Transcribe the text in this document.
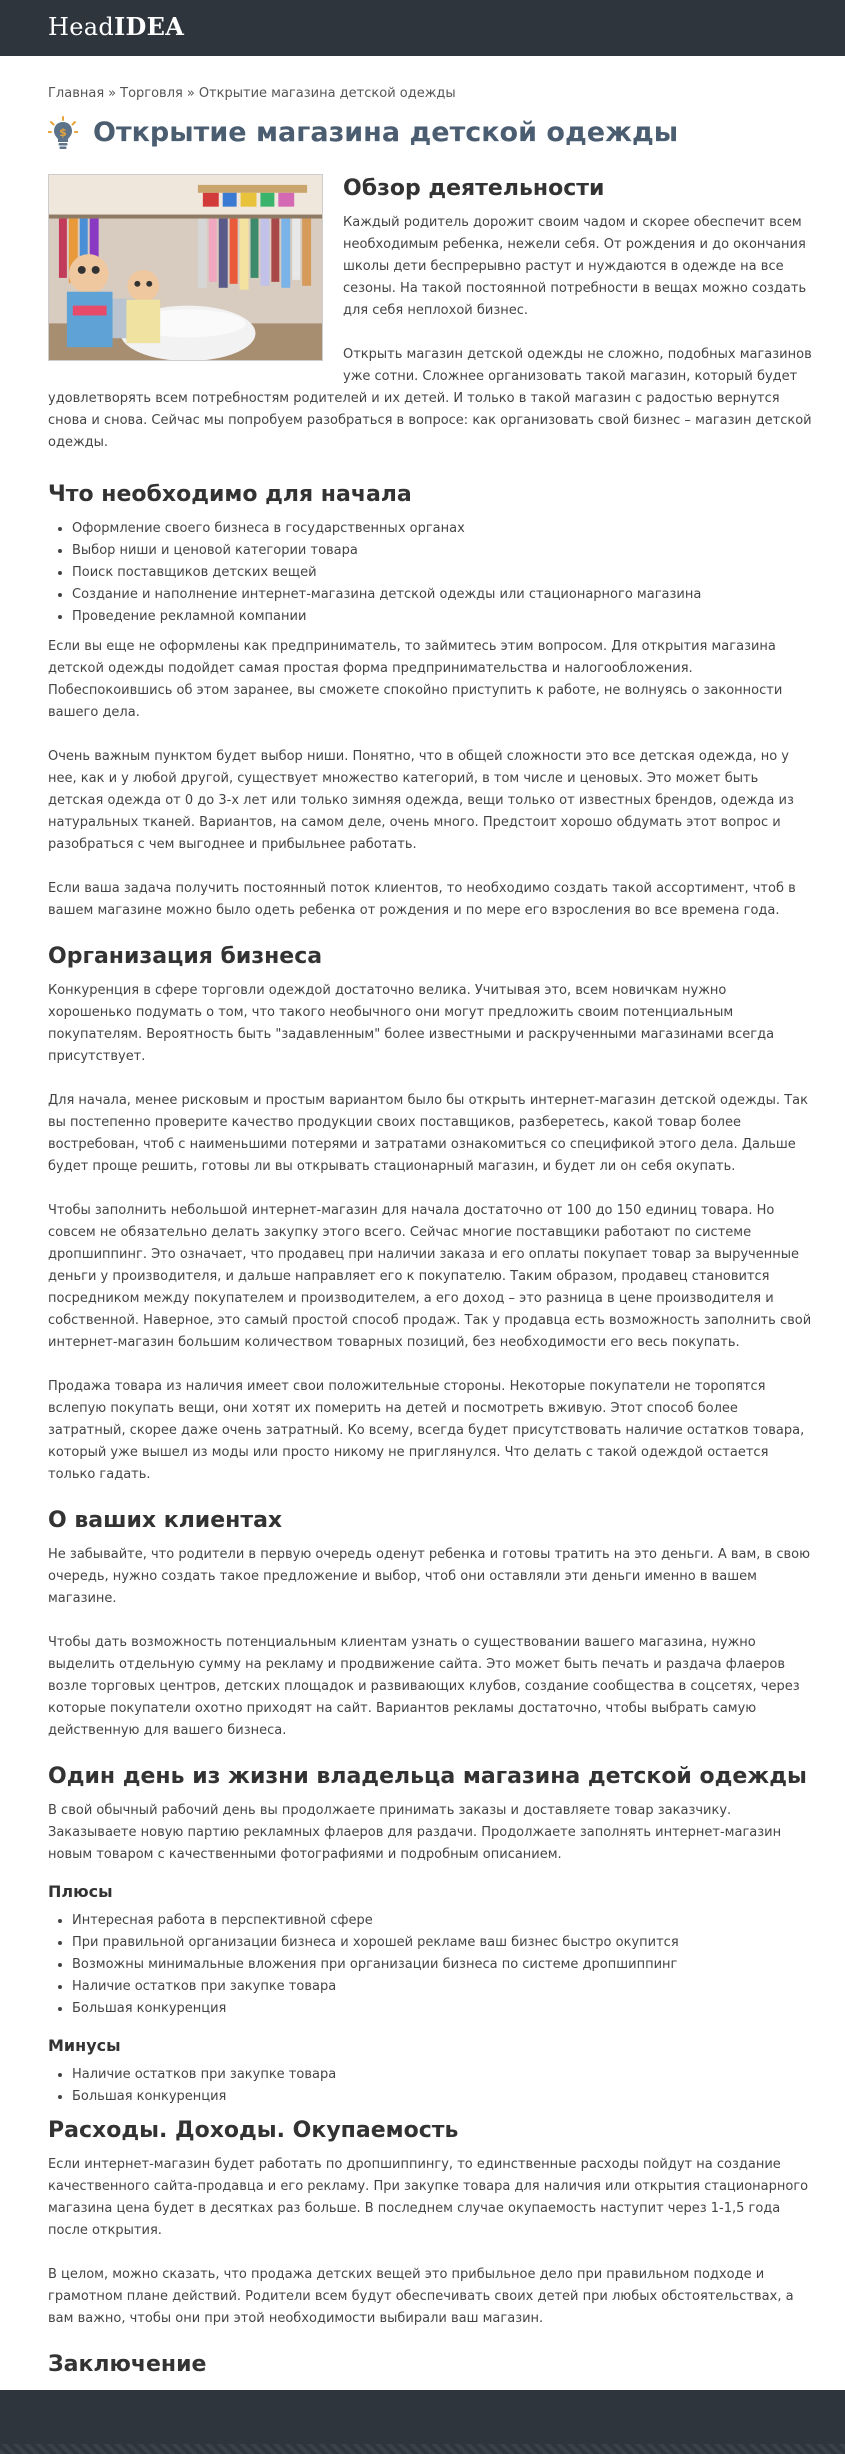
HeadIDEA
Главная » Торговля » Открытие магазина детской одежды
$ Открытие магазина детской одежды
Обзор деятельности

Каждый родитель дорожит своим чадом и скорее обеспечит всем необходимым ребенка, нежели себя. От рождения и до окончания школы дети беспрерывно растут и нуждаются в одежде на все сезоны. На такой постоянной потребности в вещах можно создать для себя неплохой бизнес.

Открыть магазин детской одежды не сложно, подобных магазинов уже сотни. Сложнее организовать такой магазин, который будет удовлетворять всем потребностям родителей и их детей. И только в такой магазин с радостью вернутся снова и снова. Сейчас мы попробуем разобраться в вопросе: как организовать свой бизнес – магазин детской одежды.

Что необходимо для начала
• Оформление своего бизнеса в государственных органах
• Выбор ниши и ценовой категории товара
• Поиск поставщиков детских вещей
• Создание и наполнение интернет-магазина детской одежды или стационарного магазина
• Проведение рекламной компании

Если вы еще не оформлены как предприниматель, то займитесь этим вопросом. Для открытия магазина детской одежды подойдет самая простая форма предпринимательства и налогообложения. Побеспокоившись об этом заранее, вы сможете спокойно приступить к работе, не волнуясь о законности вашего дела.

Очень важным пунктом будет выбор ниши. Понятно, что в общей сложности это все детская одежда, но у нее, как и у любой другой, существует множество категорий, в том числе и ценовых. Это может быть детская одежда от 0 до 3-х лет или только зимняя одежда, вещи только от известных брендов, одежда из натуральных тканей. Вариантов, на самом деле, очень много. Предстоит хорошо обдумать этот вопрос и разобраться с чем выгоднее и прибыльнее работать.

Если ваша задача получить постоянный поток клиентов, то необходимо создать такой ассортимент, чтоб в вашем магазине можно было одеть ребенка от рождения и по мере его взросления во все времена года.

Организация бизнеса

Конкуренция в сфере торговли одеждой достаточно велика. Учитывая это, всем новичкам нужно хорошенько подумать о том, что такого необычного они могут предложить своим потенциальным покупателям. Вероятность быть "задавленным" более известными и раскрученными магазинами всегда присутствует.

Для начала, менее рисковым и простым вариантом было бы открыть интернет-магазин детской одежды. Так вы постепенно проверите качество продукции своих поставщиков, разберетесь, какой товар более востребован, чтоб с наименьшими потерями и затратами ознакомиться со спецификой этого дела. Дальше будет проще решить, готовы ли вы открывать стационарный магазин, и будет ли он себя окупать.

Чтобы заполнить небольшой интернет-магазин для начала достаточно от 100 до 150 единиц товара. Но совсем не обязательно делать закупку этого всего. Сейчас многие поставщики работают по системе дропшиппинг. Это означает, что продавец при наличии заказа и его оплаты покупает товар за вырученные деньги у производителя, и дальше направляет его к покупателю. Таким образом, продавец становится посредником между покупателем и производителем, а его доход – это разница в цене производителя и собственной. Наверное, это самый простой способ продаж. Так у продавца есть возможность заполнить свой интернет-магазин большим количеством товарных позиций, без необходимости его весь покупать.

Продажа товара из наличия имеет свои положительные стороны. Некоторые покупатели не торопятся вслепую покупать вещи, они хотят их померить на детей и посмотреть вживую. Этот способ более затратный, скорее даже очень затратный. Ко всему, всегда будет присутствовать наличие остатков товара, который уже вышел из моды или просто никому не приглянулся. Что делать с такой одеждой остается только гадать.

О ваших клиентах

Не забывайте, что родители в первую очередь оденут ребенка и готовы тратить на это деньги. А вам, в свою очередь, нужно создать такое предложение и выбор, чтоб они оставляли эти деньги именно в вашем магазине.

Чтобы дать возможность потенциальным клиентам узнать о существовании вашего магазина, нужно выделить отдельную сумму на рекламу и продвижение сайта. Это может быть печать и раздача флаеров возле торговых центров, детских площадок и развивающих клубов, создание сообщества в соцсетях, через которые покупатели охотно приходят на сайт. Вариантов рекламы достаточно, чтобы выбрать самую действенную для вашего бизнеса.

Один день из жизни владельца магазина детской одежды

В свой обычный рабочий день вы продолжаете принимать заказы и доставляете товар заказчику. Заказываете новую партию рекламных флаеров для раздачи. Продолжаете заполнять интернет-магазин новым товаром с качественными фотографиями и подробным описанием.

Плюсы
• Интересная работа в перспективной сфере
• При правильной организации бизнеса и хорошей рекламе ваш бизнес быстро окупится
• Возможны минимальные вложения при организации бизнеса по системе дропшиппинг
• Наличие остатков при закупке товара
• Большая конкуренция
Минусы
• Наличие остатков при закупке товара
• Большая конкуренция
Расходы. Доходы. Окупаемость

Если интернет-магазин будет работать по дропшиппингу, то единственные расходы пойдут на создание качественного сайта-продавца и его рекламу. При закупке товара для наличия или открытия стационарного магазина цена будет в десятках раз больше. В последнем случае окупаемость наступит через 1-1,5 года после открытия.

В целом, можно сказать, что продажа детских вещей это прибыльное дело при правильном подходе и грамотном плане действий. Родители всем будут обеспечивать своих детей при любых обстоятельствах, а вам важно, чтобы они при этой необходимости выбирали ваш магазин.

Заключение
